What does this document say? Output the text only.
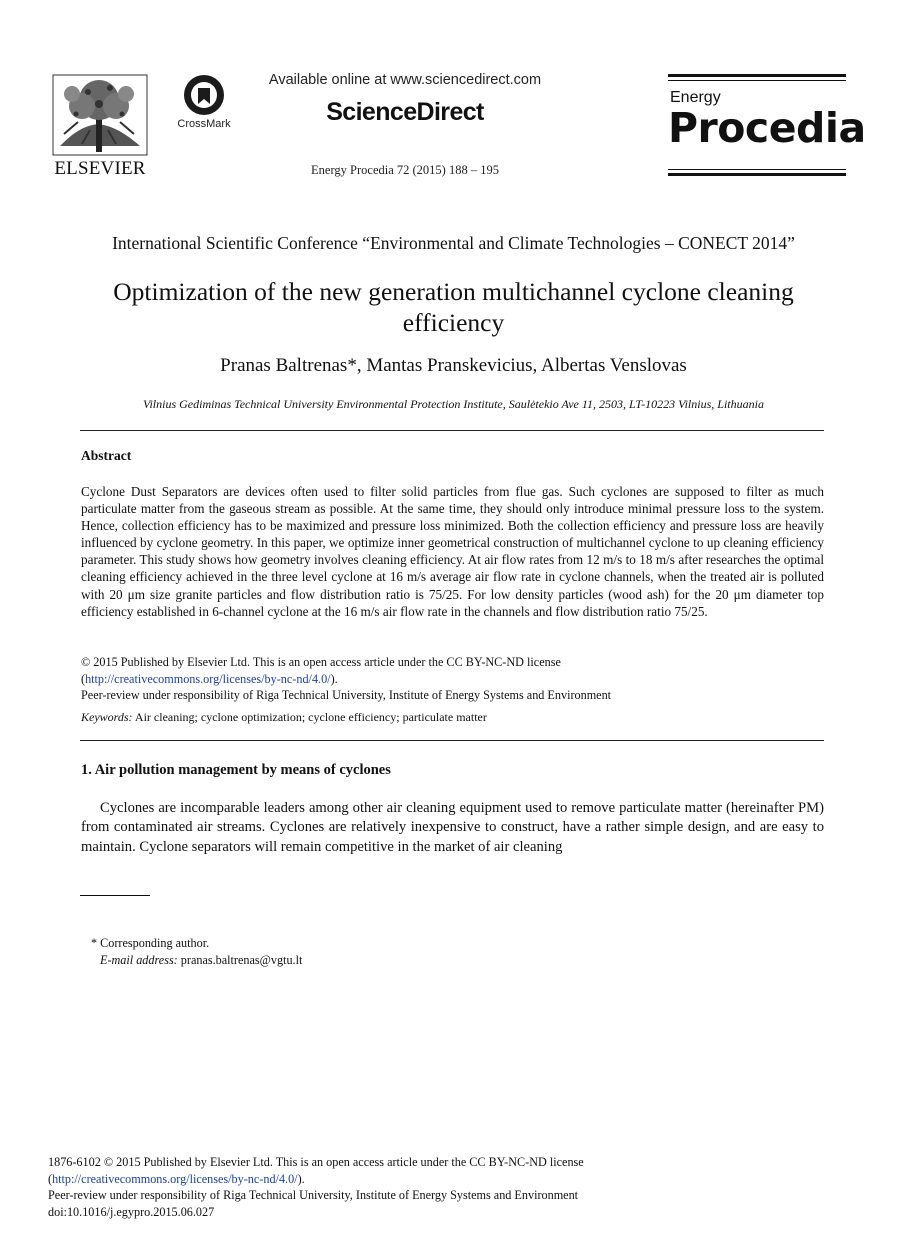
ELSEVIER
CrossMark
Available online at www.sciencedirect.com
ScienceDirect
Energy Procedia 72 (2015) 188 – 195
Energy
Procedia
International Scientific Conference “Environmental and Climate Technologies – CONECT 2014”
Optimization of the new generation multichannel cyclone cleaning efficiency
Pranas Baltrenas*, Mantas Pranskevicius, Albertas Venslovas
Vilnius Gediminas Technical University Environmental Protection Institute, Saulėtekio Ave 11, 2503, LT-10223 Vilnius, Lithuania
Abstract
Cyclone Dust Separators are devices often used to filter solid particles from flue gas. Such cyclones are supposed to filter as much particulate matter from the gaseous stream as possible. At the same time, they should only introduce minimal pressure loss to the system. Hence, collection efficiency has to be maximized and pressure loss minimized. Both the collection efficiency and pressure loss are heavily influenced by cyclone geometry. In this paper, we optimize inner geometrical construction of multichannel cyclone to up cleaning efficiency parameter. This study shows how geometry involves cleaning efficiency. At air flow rates from 12 m/s to 18 m/s after researches the optimal cleaning efficiency achieved in the three level cyclone at 16 m/s average air flow rate in cyclone channels, when the treated air is polluted with 20 μm size granite particles and flow distribution ratio is 75/25. For low density particles (wood ash) for the 20 μm diameter top efficiency established in 6-channel cyclone at the 16 m/s air flow rate in the channels and flow distribution ratio 75/25.
© 2015 Published by Elsevier Ltd. This is an open access article under the CC BY-NC-ND license
(http://creativecommons.org/licenses/by-nc-nd/4.0/).
Peer-review under responsibility of Riga Technical University, Institute of Energy Systems and Environment
Keywords: Air cleaning; cyclone optimization; cyclone efficiency; particulate matter
1. Air pollution management by means of cyclones
Cyclones are incomparable leaders among other air cleaning equipment used to remove particulate matter (hereinafter PM) from contaminated air streams. Cyclones are relatively inexpensive to construct, have a rather simple design, and are easy to maintain. Cyclone separators will remain competitive in the market of air cleaning
* Corresponding author.
E-mail address: pranas.baltrenas@vgtu.lt
1876-6102 © 2015 Published by Elsevier Ltd. This is an open access article under the CC BY-NC-ND license
(http://creativecommons.org/licenses/by-nc-nd/4.0/).
Peer-review under responsibility of Riga Technical University, Institute of Energy Systems and Environment
doi:10.1016/j.egypro.2015.06.027
